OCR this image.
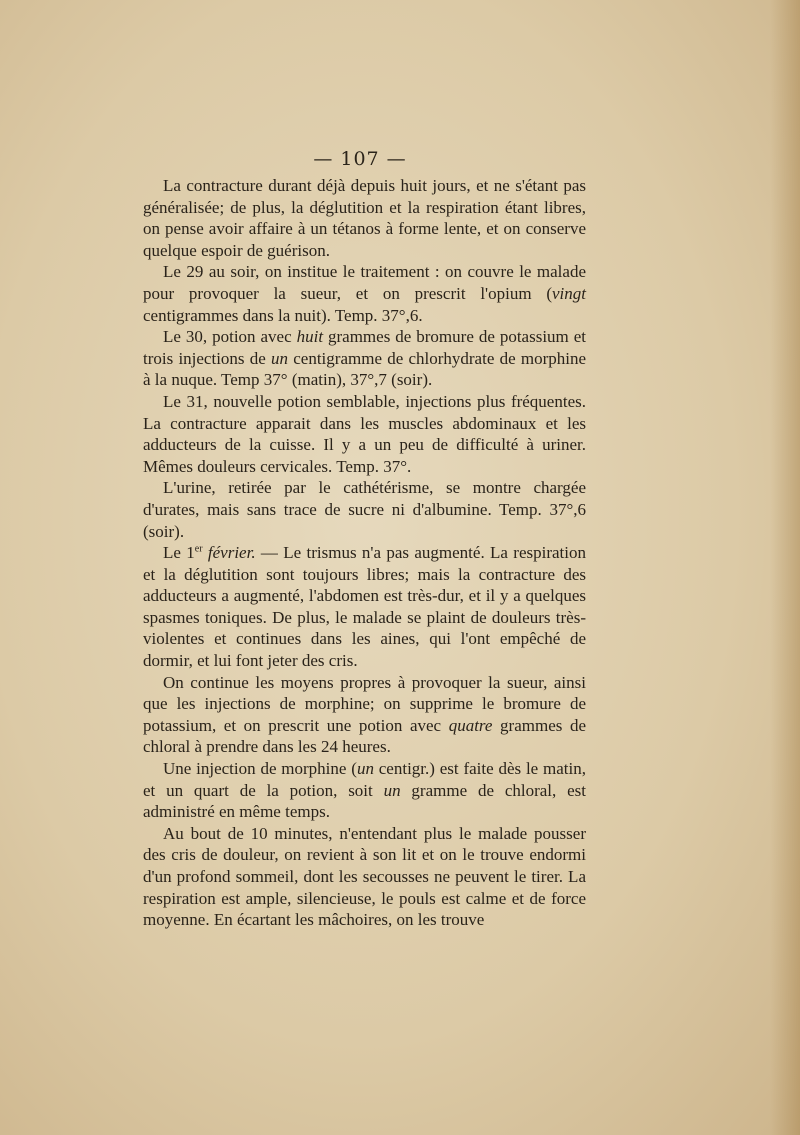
— 107 —

La contracture durant déjà depuis huit jours, et ne s'étant pas généralisée; de plus, la déglutition et la respiration étant libres, on pense avoir affaire à un tétanos à forme lente, et on conserve quelque espoir de guérison.

Le 29 au soir, on institue le traitement : on couvre le malade pour provoquer la sueur, et on prescrit l'opium (vingt centigrammes dans la nuit). Temp. 37°,6.

Le 30, potion avec huit grammes de bromure de potassium et trois injections de un centigramme de chlorhydrate de morphine à la nuque. Temp 37° (matin), 37°,7 (soir).

Le 31, nouvelle potion semblable, injections plus fréquentes. La contracture apparait dans les muscles abdominaux et les adducteurs de la cuisse. Il y a un peu de difficulté à uriner. Mêmes douleurs cervicales. Temp. 37°.

L'urine, retirée par le cathétérisme, se montre chargée d'urates, mais sans trace de sucre ni d'albumine. Temp. 37°,6 (soir).

Le 1er février. — Le trismus n'a pas augmenté. La respiration et la déglutition sont toujours libres; mais la contracture des adducteurs a augmenté, l'abdomen est très-dur, et il y a quelques spasmes toniques. De plus, le malade se plaint de douleurs très-violentes et continues dans les aines, qui l'ont empêché de dormir, et lui font jeter des cris.

On continue les moyens propres à provoquer la sueur, ainsi que les injections de morphine; on supprime le bromure de potassium, et on prescrit une potion avec quatre grammes de chloral à prendre dans les 24 heures.

Une injection de morphine (un centigr.) est faite dès le matin, et un quart de la potion, soit un gramme de chloral, est administré en même temps.

Au bout de 10 minutes, n'entendant plus le malade pousser des cris de douleur, on revient à son lit et on le trouve endormi d'un profond sommeil, dont les secousses ne peuvent le tirer. La respiration est ample, silencieuse, le pouls est calme et de force moyenne. En écartant les mâchoires, on les trouve
